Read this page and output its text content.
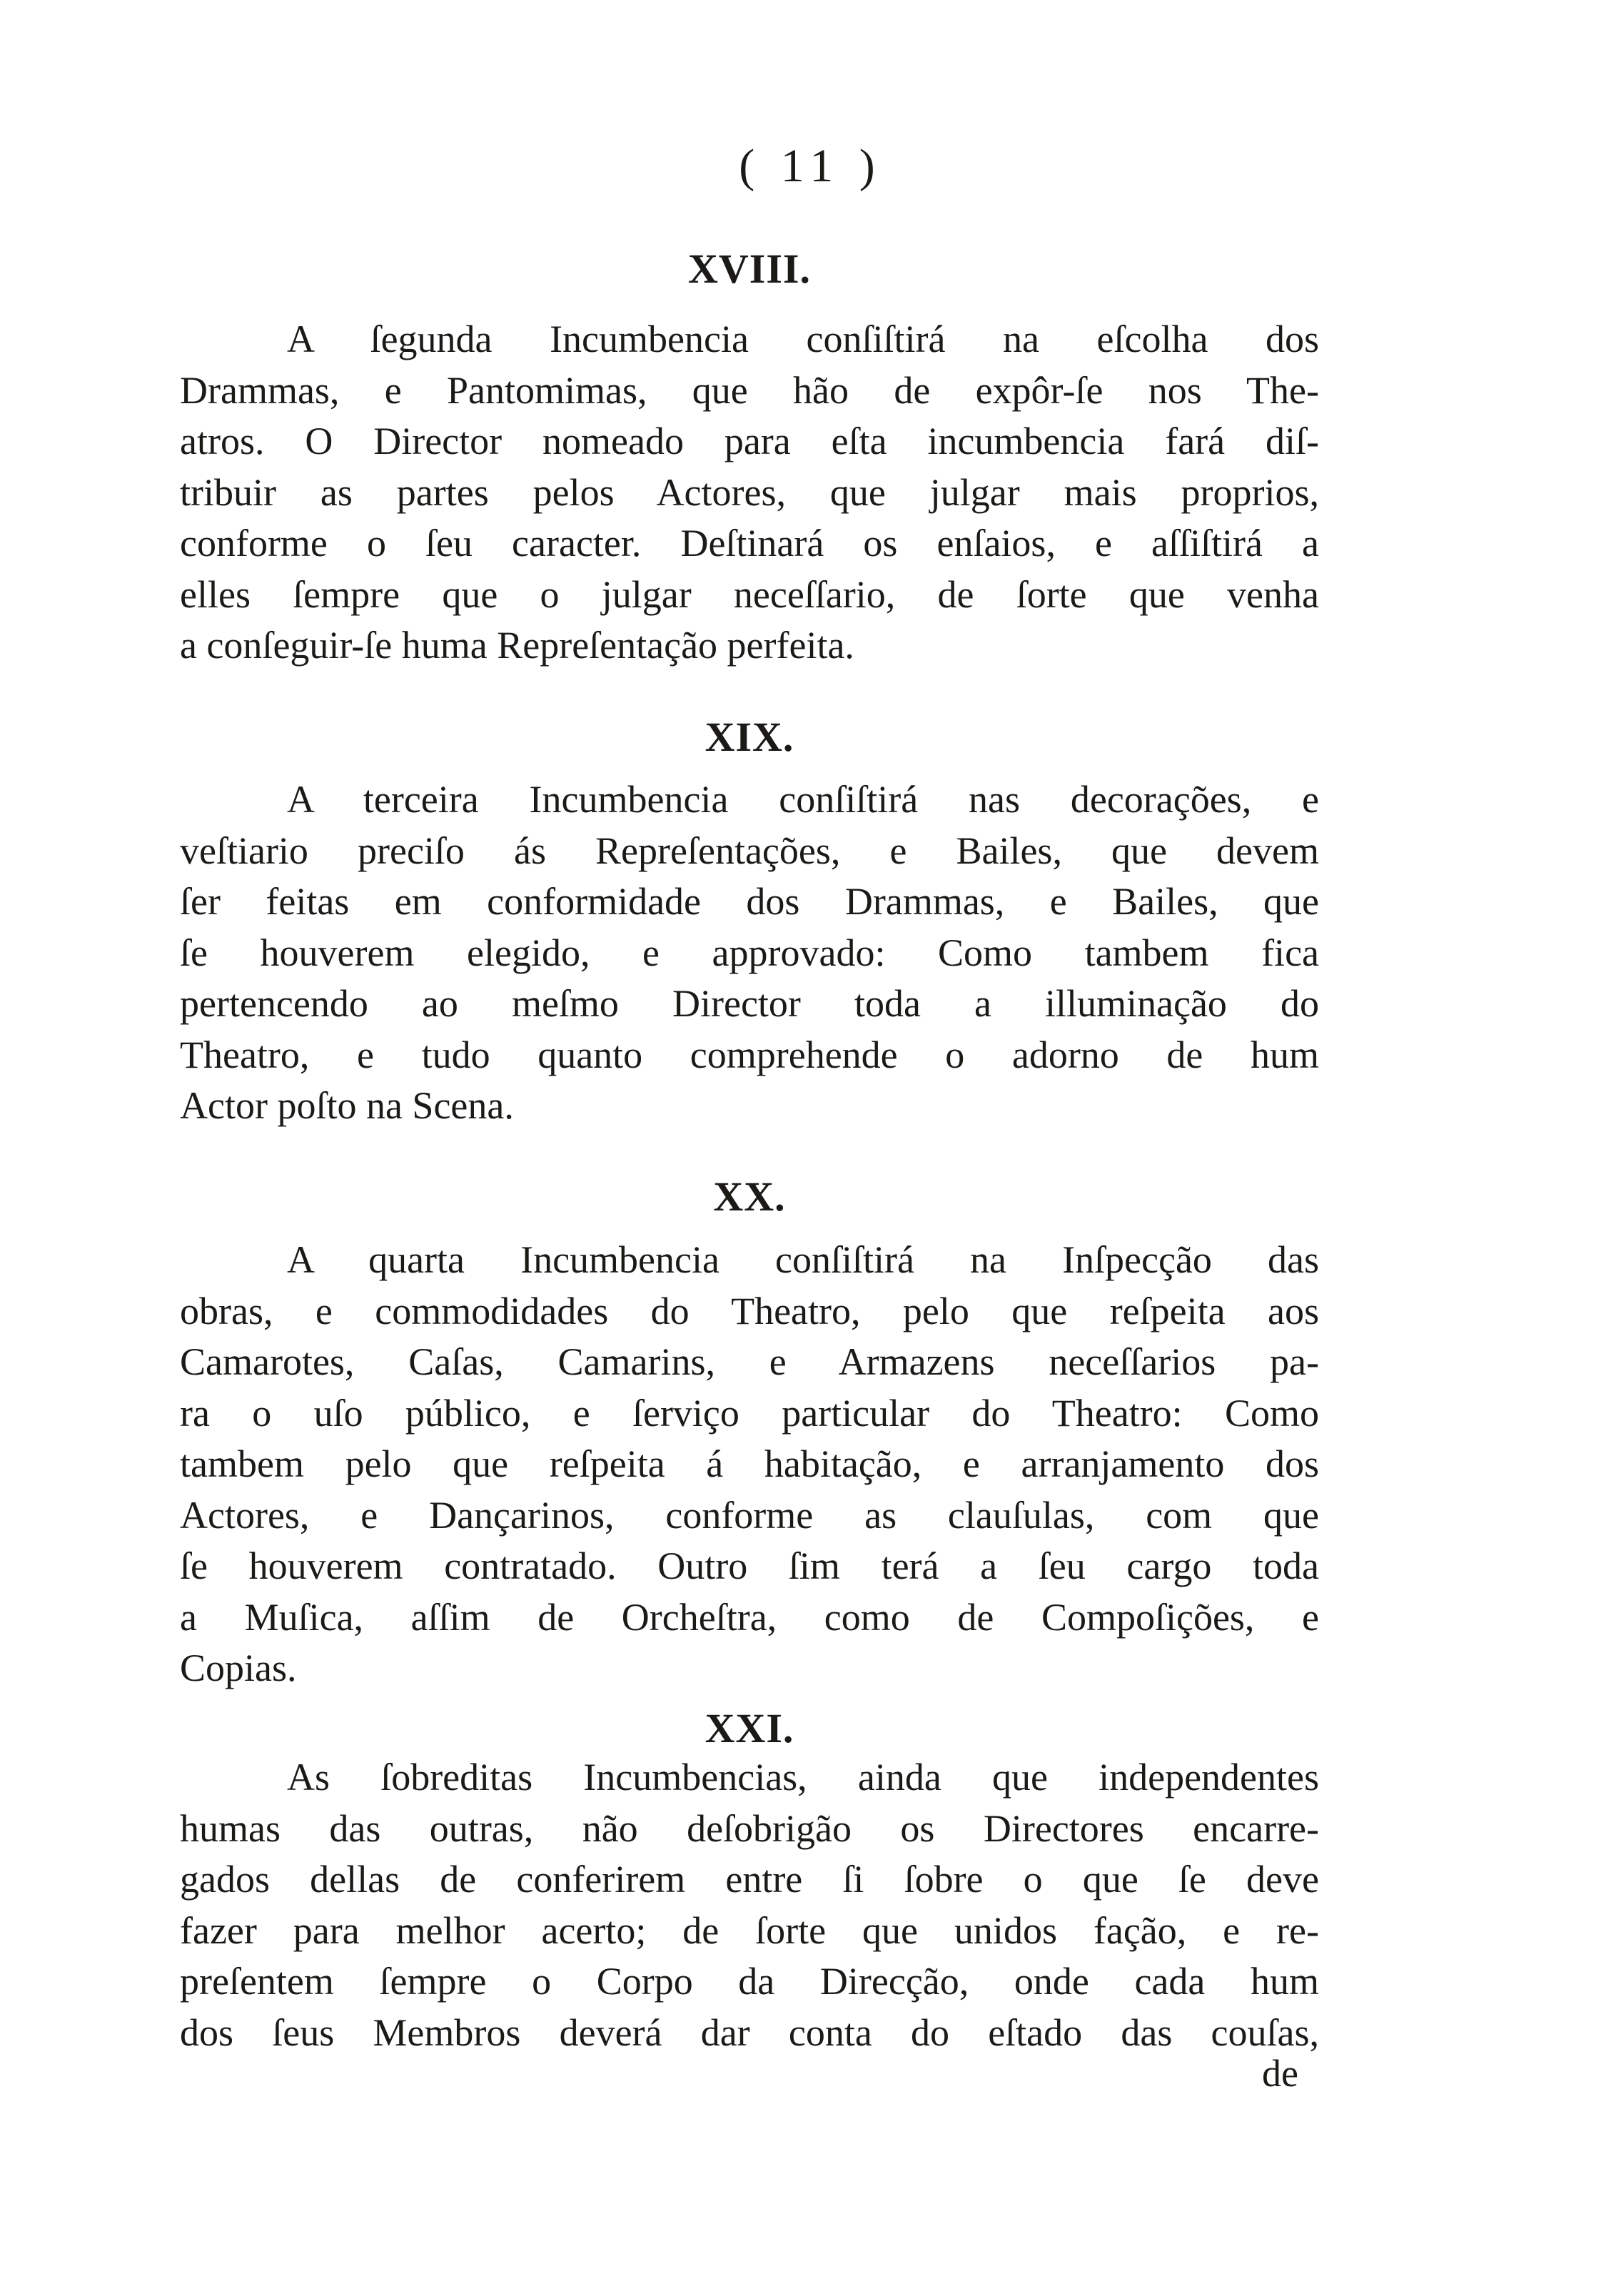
( 11 )
XVIII.
A ſegunda Incumbencia conſiſtirá na eſcolha dos
Drammas, e Pantomimas, que hão de expôr-ſe nos The-
atros. O Director nomeado para eſta incumbencia fará diſ-
tribuir as partes pelos Actores, que julgar mais proprios,
conforme o ſeu caracter. Deſtinará os enſaios, e aſſiſtirá a
elles ſempre que o julgar neceſſario, de ſorte que venha
a conſeguir-ſe huma Repreſentação perfeita.
XIX.
A terceira Incumbencia conſiſtirá nas decorações, e
veſtiario preciſo ás Repreſentações, e Bailes, que devem
ſer feitas em conformidade dos Drammas, e Bailes, que
ſe houverem elegido, e approvado: Como tambem fica
pertencendo ao meſmo Director toda a illuminação do
Theatro, e tudo quanto comprehende o adorno de hum
Actor poſto na Scena.
XX.
A quarta Incumbencia conſiſtirá na Inſpecção das
obras, e commodidades do Theatro, pelo que reſpeita aos
Camarotes, Caſas, Camarins, e Armazens neceſſarios pa-
ra o uſo público, e ſerviço particular do Theatro: Como
tambem pelo que reſpeita á habitação, e arranjamento dos
Actores, e Dançarinos, conforme as clauſulas, com que
ſe houverem contratado. Outro ſim terá a ſeu cargo toda
a Muſica, aſſim de Orcheſtra, como de Compoſições, e
Copias.
XXI.
As ſobreditas Incumbencias, ainda que independentes
humas das outras, não deſobrigão os Directores encarre-
gados dellas de conferirem entre ſi ſobre o que ſe deve
fazer para melhor acerto; de ſorte que unidos fação, e re-
preſentem ſempre o Corpo da Direcção, onde cada hum
dos ſeus Membros deverá dar conta do eſtado das couſas,
de
